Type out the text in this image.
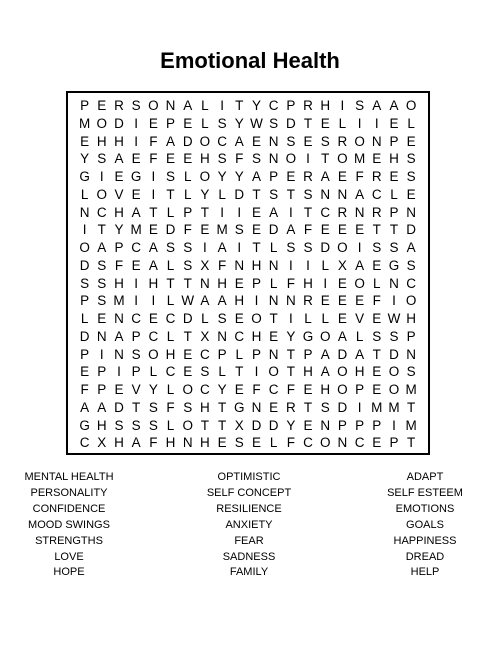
Emotional Health
P E R S O N A L I T Y C P R H I S A A O
M O D I E P E L S Y W S D T E L I I E L
E H H I F A D O C A E N S E S R O N P E
Y S A E F E E H S F S N O I T O M E H S
G I E G I S L O Y Y A P E R A E F R E S
L O V E I T L Y L D T S T S N N A C L E
N C H A T L P T I I E A I T C R N R P N
I T Y M E D F E M S E D A F E E E T T D
O A P C A S S I A I T L S S D O I S S A
D S F E A L S X F N H N I I L X A E G S
S S H I H T T N H E P L F H I E O L N C
P S M I I L W A A H I N N R E E E F I O
L E N C E C D L S E O T I L L E V E W H
D N A P C L T X N C H E Y G O A L S S P
P I N S O H E C P L P N T P A D A T D N
E P I P L C E S L T I O T H A O H E O S
F P E V Y L O C Y E F C F E H O P E O M
A A D T S F S H T G N E R T S D I M M T
G H S S S L O T T X D D Y E N P P P I M
C X H A F H N H E S E L F C O N C E P T
MENTAL HEALTH
PERSONALITY
CONFIDENCE
MOOD SWINGS
STRENGTHS
LOVE
HOPE
OPTIMISTIC
SELF CONCEPT
RESILIENCE
ANXIETY
FEAR
SADNESS
FAMILY
ADAPT
SELF ESTEEM
EMOTIONS
GOALS
HAPPINESS
DREAD
HELP
